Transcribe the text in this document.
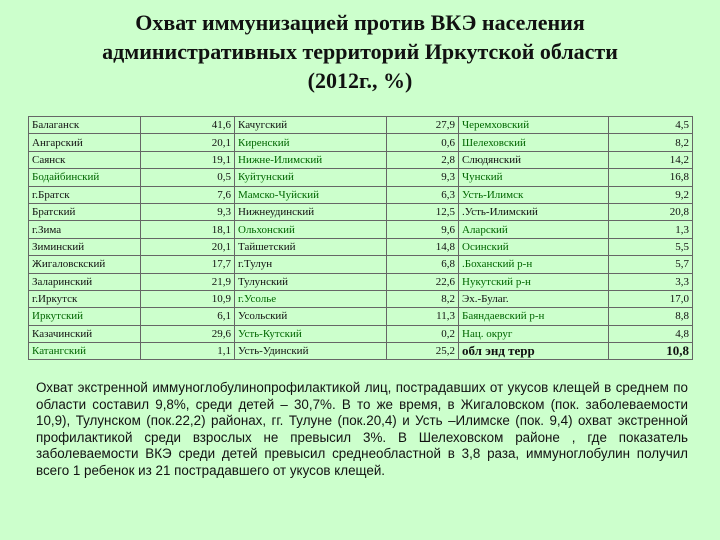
Охват иммунизацией против ВКЭ населения
административных территорий Иркутской области
(2012г., %)
Балаганск	41,6	Качугский	27,9	Черемховский	4,5
Ангарский	20,1	Киренский	0,6	Шелеховский	8,2
Саянск	19,1	Нижне-Илимский	2,8	Слюдянский	14,2
Бодайбинский	0,5	Куйтунский	9,3	Чунский	16,8
г.Братск	7,6	Мамско-Чуйский	6,3	Усть-Илимск	9,2
Братский	9,3	Нижнеудинский	12,5	.Усть-Илимский	20,8
г.Зима	18,1	Ольхонский	9,6	Аларский	1,3
Зиминский	20,1	Тайшетский	14,8	Осинский	5,5
Жигаловскский	17,7	г.Тулун	6,8	.Боханский р-н	5,7
Заларинский	21,9	Тулунский	22,6	Нукутский р-н	3,3
г.Иркутск	10,9	г.Усолье	8,2	Эх.-Булаг.	17,0
Иркутский	6,1	Усольский	11,3	Баяндаевский р-н	8,8
Казачинский	29,6	Усть-Кутский	0,2	Нац. округ	4,8
Катангский	1,1	Усть-Удинский	25,2	обл энд терр	10,8
Охват экстренной иммуноглобулинопрофилактикой лиц, пострадавших от укусов клещей в среднем по области составил 9,8%, среди детей – 30,7%. В то же время, в Жигаловском (пок. заболеваемости 10,9), Тулунском (пок.22,2) районах, гг. Тулуне (пок.20,4) и Усть –Илимске (пок. 9,4) охват экстренной профилактикой среди взрослых не превысил 3%. В Шелеховском районе , где показатель заболеваемости ВКЭ среди детей превысил среднеобластной в 3,8 раза, иммуноглобулин получил всего 1 ребенок из 21 пострадавшего от укусов клещей.
